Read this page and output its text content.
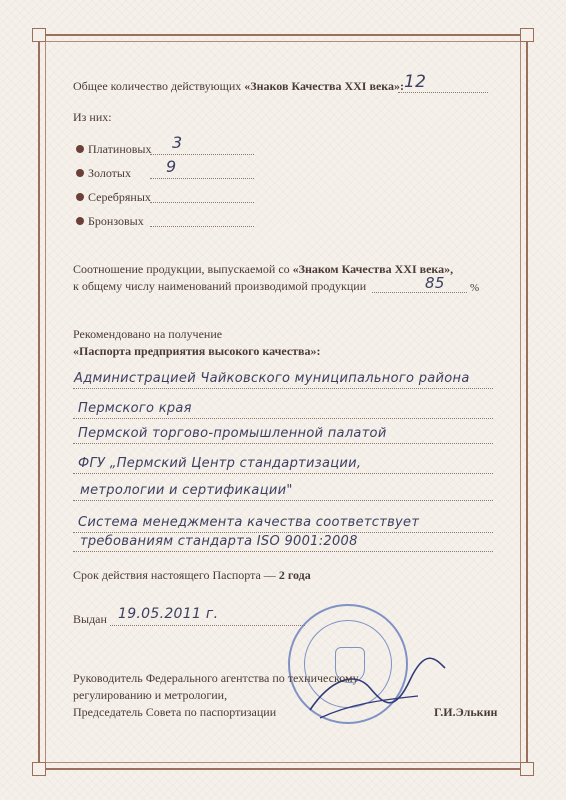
Общее количество действующих «Знаков Качества XXI века»: 12
Из них:
Платиновых 3
Золотых 9
Серебряных
Бронзовых
Соотношение продукции, выпускаемой со «Знаком Качества XXI века»,
к общему числу наименований производимой продукции	85 %
Рекомендовано на получение
«Паспорта предприятия высокого качества»:
Администрацией Чайковского муниципального района
Пермского края
Пермской торгово-промышленной палатой
ФГУ „Пермский Центр стандартизации,
метрологии и сертификации"
Система менеджмента качества соответствует
требованиям стандарта ISO 9001:2008
Срок действия настоящего Паспорта — 2 года
Выдан 19.05.2011 г.
Руководитель Федерального агентства по техническому
регулированию и метрологии,
Председатель Совета по паспортизации	Г.И.Элькин
